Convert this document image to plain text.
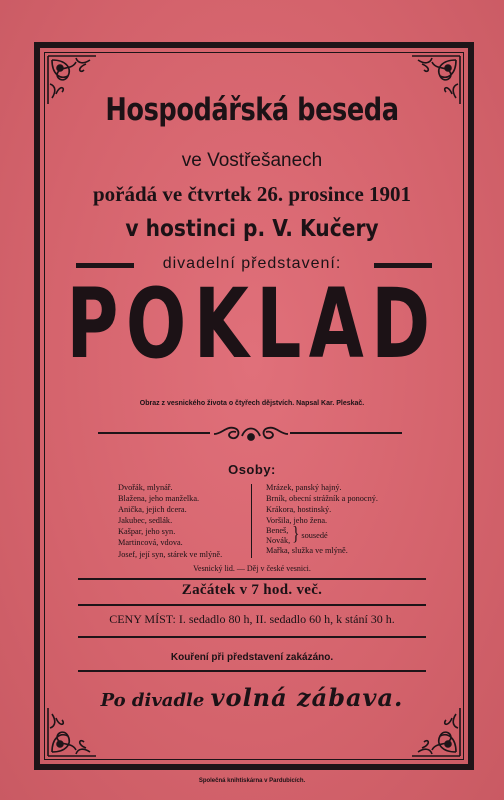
Hospodářská beseda
ve Vostřešanech
pořádá ve čtvrtek 26. prosince 1901
v hostinci p. V. Kučery
divadelní představení:
POKLAD
Obraz z vesnického života o čtyřech dějstvích. Napsal Kar. Pleskač.
Osoby:
Dvořák, mlynář.
Blažena, jeho manželka.
Anička, jejich dcera.
Jakubec, sedlák.
Kašpar, jeho syn.
Martincová, vdova.
Josef, její syn, stárek ve mlýně.
Mrázek, panský hajný.
Brník, obecní strážník a ponocný.
Krákora, hostinský.
Voršila, jeho žena.
Beneš,
Novák, } sousedé
Mařka, služka ve mlýně.
Vesnický lid. — Děj v české vesnici.
Začátek v 7 hod. več.
CENY MÍST: I. sedadlo 80 h, II. sedadlo 60 h, k stání 30 h.
Kouření při představení zakázáno.
Po divadle volná zábava.
Společná knihtiskárna v Pardubicích.
